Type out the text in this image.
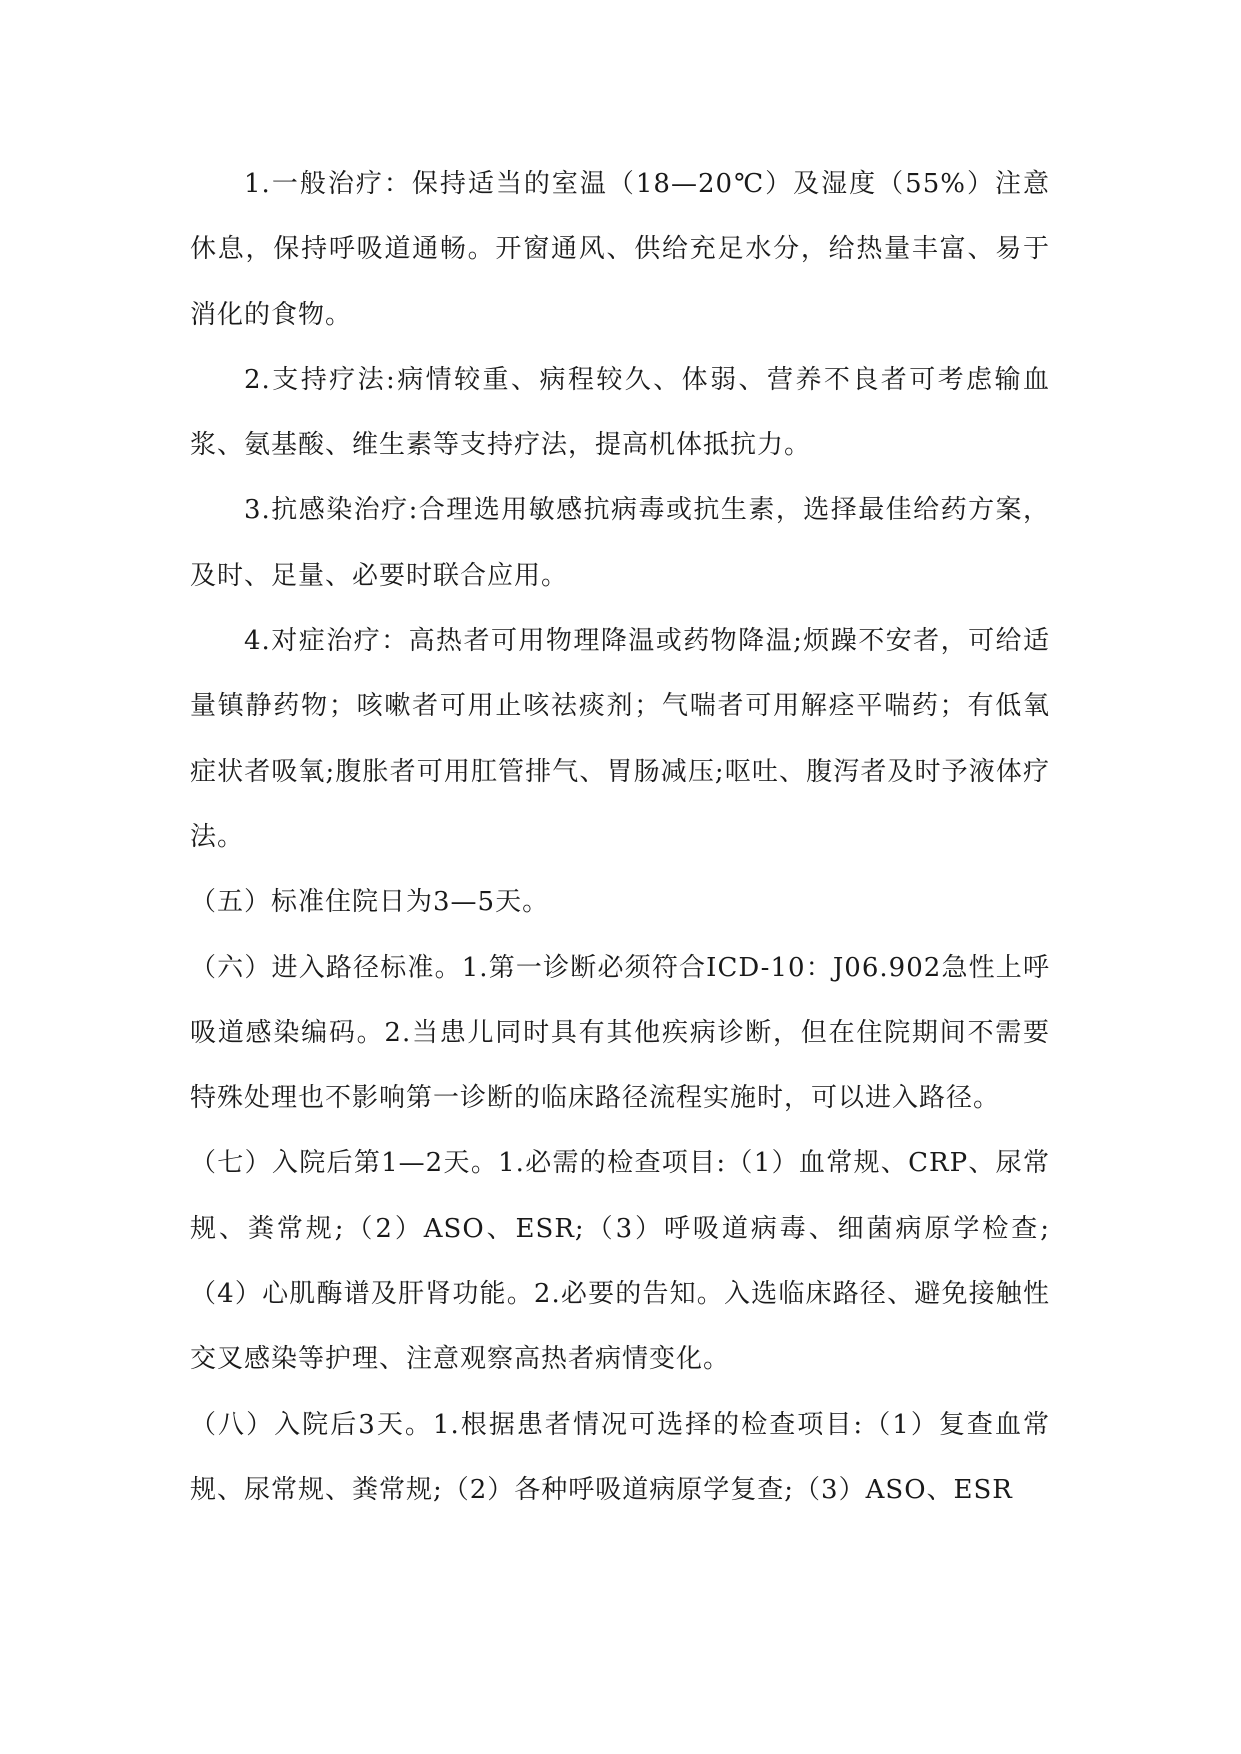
1.一般治疗：保持适当的室温（18—20℃）及湿度（55%）注意休息，保持呼吸道通畅。开窗通风、供给充足水分，给热量丰富、易于消化的食物。

2.支持疗法:病情较重、病程较久、体弱、营养不良者可考虑输血浆、氨基酸、维生素等支持疗法，提高机体抵抗力。

3.抗感染治疗:合理选用敏感抗病毒或抗生素，选择最佳给药方案，及时、足量、必要时联合应用。

4.对症治疗：高热者可用物理降温或药物降温;烦躁不安者，可给适量镇静药物；咳嗽者可用止咳祛痰剂；气喘者可用解痉平喘药；有低氧症状者吸氧;腹胀者可用肛管排气、胃肠减压;呕吐、腹泻者及时予液体疗法。

（五）标准住院日为3—5天。

（六）进入路径标准。1.第一诊断必须符合ICD-10：J06.902急性上呼吸道感染编码。2.当患儿同时具有其他疾病诊断，但在住院期间不需要特殊处理也不影响第一诊断的临床路径流程实施时，可以进入路径。

（七）入院后第1—2天。1.必需的检查项目:（1）血常规、CRP、尿常规、粪常规;（2）ASO、ESR;（3）呼吸道病毒、细菌病原学检查;（4）心肌酶谱及肝肾功能。2.必要的告知。入选临床路径、避免接触性交叉感染等护理、注意观察高热者病情变化。

（八）入院后3天。1.根据患者情况可选择的检查项目:（1）复查血常规、尿常规、粪常规;（2）各种呼吸道病原学复查;（3）ASO、ESR
